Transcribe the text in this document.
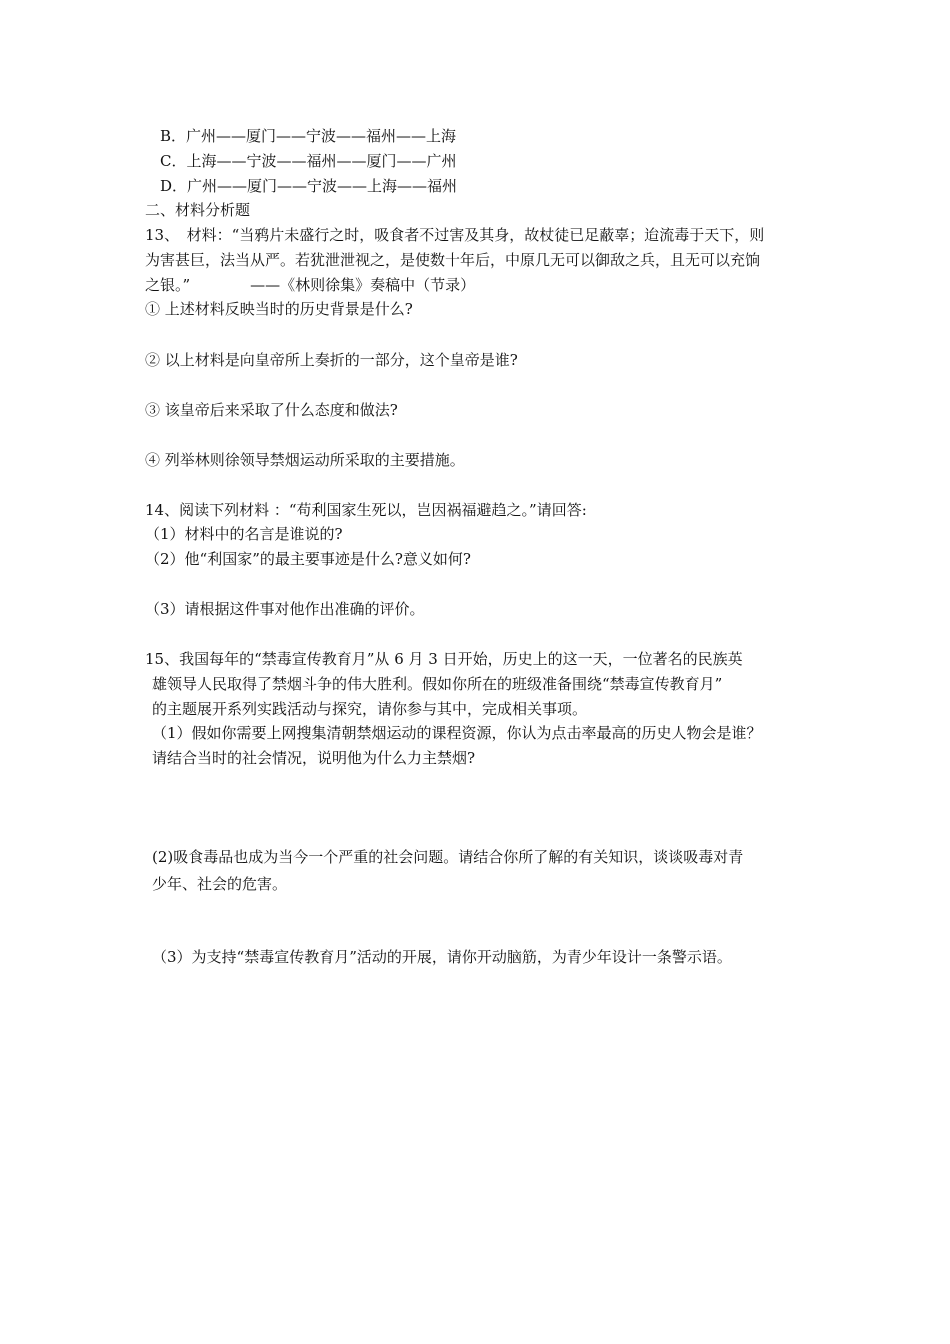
B．广州——厦门——宁波——福州——上海
C．上海——宁波——福州——厦门——广州
D．广州——厦门——宁波——上海——福州
二、材料分析题
13、　材料：“当鸦片未盛行之时，吸食者不过害及其身，故杖徒已足蔽辜；迨流毒于天下，则
为害甚巨，法当从严。若犹泄泄视之，是使数十年后，中原几无可以御敌之兵，且无可以充饷
之银。”　　　　——《林则徐集》奏稿中（节录）
① 上述材料反映当时的历史背景是什么?
② 以上材料是向皇帝所上奏折的一部分，这个皇帝是谁?
③ 该皇帝后来采取了什么态度和做法?
④ 列举林则徐领导禁烟运动所采取的主要措施。
14、阅读下列材料 ：“苟利国家生死以，岂因祸福避趋之。”请回答:
（1）材料中的名言是谁说的?
（2）他“利国家”的最主要事迹是什么?意义如何?
（3）请根据这件事对他作出准确的评价。
15、我国每年的“禁毒宣传教育月”从 6 月 3 日开始，历史上的这一天，一位著名的民族英
雄领导人民取得了禁烟斗争的伟大胜利。假如你所在的班级准备围绕“禁毒宣传教育月”
的主题展开系列实践活动与探究，请你参与其中，完成相关事项。
（1）假如你需要上网搜集清朝禁烟运动的课程资源，你认为点击率最高的历史人物会是谁？
请结合当时的社会情况，说明他为什么力主禁烟?
(2)吸食毒品也成为当今一个严重的社会问题。请结合你所了解的有关知识，谈谈吸毒对青
少年、社会的危害。
（3）为支持“禁毒宣传教育月”活动的开展，请你开动脑筋，为青少年设计一条警示语。
